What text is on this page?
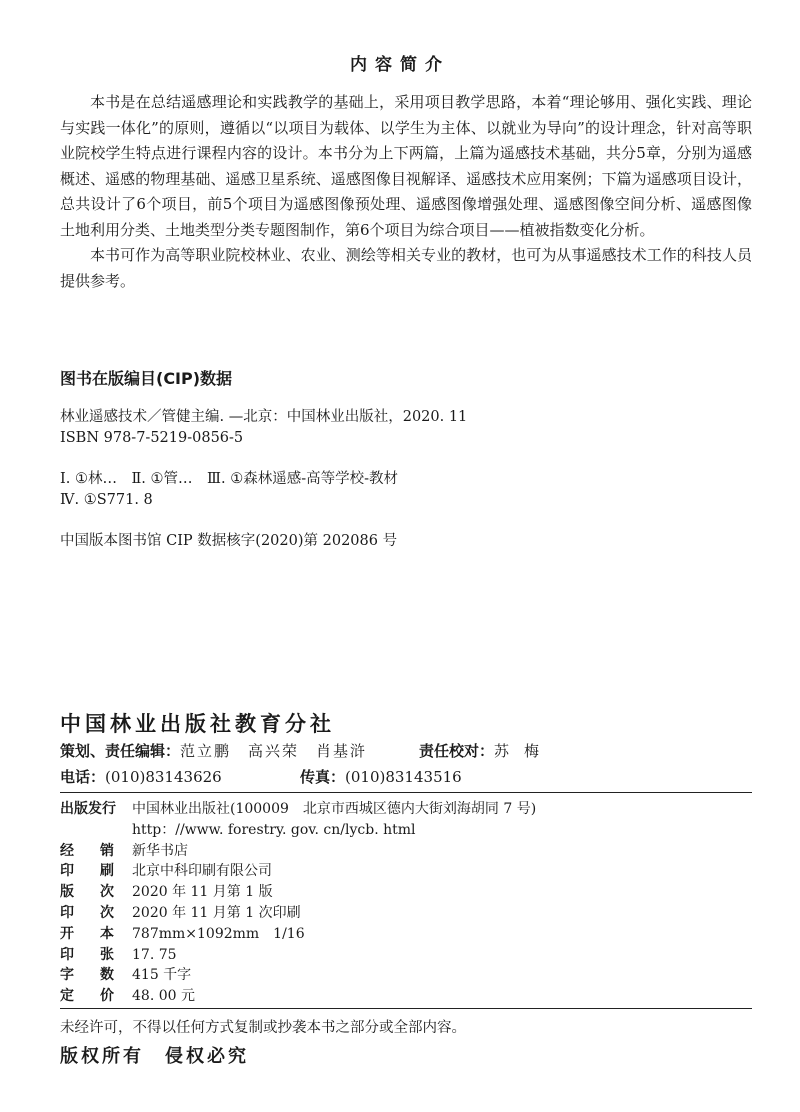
内容简介
本书是在总结遥感理论和实践教学的基础上，采用项目教学思路，本着“理论够用、强化实践、理论与实践一体化”的原则，遵循以“以项目为载体、以学生为主体、以就业为导向”的设计理念，针对高等职业院校学生特点进行课程内容的设计。本书分为上下两篇，上篇为遥感技术基础，共分5章，分别为遥感概述、遥感的物理基础、遥感卫星系统、遥感图像目视解译、遥感技术应用案例；下篇为遥感项目设计，总共设计了6个项目，前5个项目为遥感图像预处理、遥感图像增强处理、遥感图像空间分析、遥感图像土地利用分类、土地类型分类专题图制作，第6个项目为综合项目——植被指数变化分析。
本书可作为高等职业院校林业、农业、测绘等相关专业的教材，也可为从事遥感技术工作的科技人员提供参考。
图书在版编目(CIP)数据
林业遥感技术／管健主编. —北京：中国林业出版社，2020. 11
ISBN 978-7-5219-0856-5
Ⅰ. ①林…　Ⅱ. ①管…　Ⅲ. ①森林遥感-高等学校-教材
Ⅳ. ①S771. 8
中国版本图书馆 CIP 数据核字(2020)第 202086 号
中国林业出版社教育分社
策划、责任编辑：范立鹏　高兴荣　肖基浒	责任校对：苏　梅
电话：(010)83143626	传真：(010)83143516
出版发行	中国林业出版社(100009　北京市西城区德内大街刘海胡同 7 号)
http：//www. forestry. gov. cn/lycb. html
经 销 新华书店
印 刷 北京中科印刷有限公司
版 次 2020 年 11 月第 1 版
印 次 2020 年 11 月第 1 次印刷
开 本 787mm×1092mm　1/16
印 张 17. 75
字 数 415 千字
定 价 48. 00 元
未经许可，不得以任何方式复制或抄袭本书之部分或全部内容。
版权所有　侵权必究
